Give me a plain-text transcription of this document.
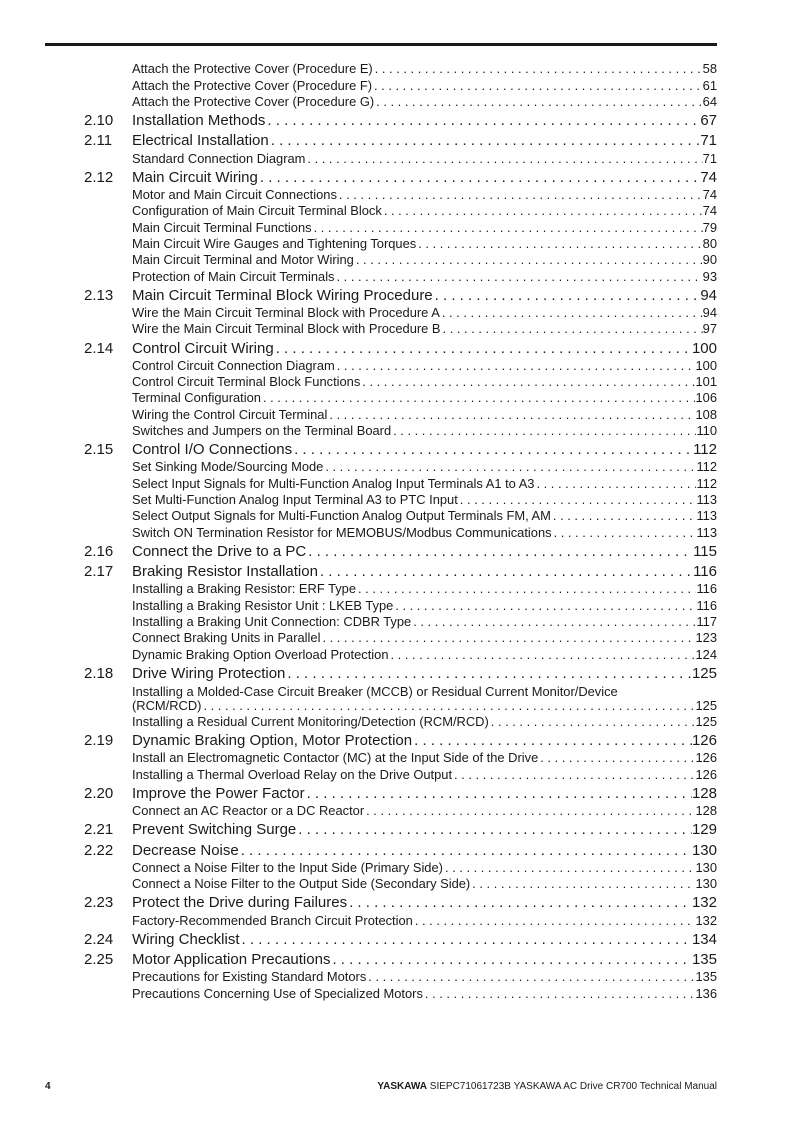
Attach the Protective Cover (Procedure E) . . .	58
Attach the Protective Cover (Procedure F) . . .	61
Attach the Protective Cover (Procedure G) . . .	64
2.10 Installation Methods . . .	67
2.11 Electrical Installation . . .	71
Standard Connection Diagram . . .	71
2.12 Main Circuit Wiring . . .	74
Motor and Main Circuit Connections . . .	74
Configuration of Main Circuit Terminal Block . . .	74
Main Circuit Terminal Functions . . .	79
Main Circuit Wire Gauges and Tightening Torques . . .	80
Main Circuit Terminal and Motor Wiring . . .	90
Protection of Main Circuit Terminals . . .	93
2.13 Main Circuit Terminal Block Wiring Procedure . . .	94
Wire the Main Circuit Terminal Block with Procedure A . . .	94
Wire the Main Circuit Terminal Block with Procedure B . . .	97
2.14 Control Circuit Wiring . . .	100
Control Circuit Connection Diagram . . .	100
Control Circuit Terminal Block Functions . . .	101
Terminal Configuration . . .	106
Wiring the Control Circuit Terminal . . .	108
Switches and Jumpers on the Terminal Board . . .	110
2.15 Control I/O Connections . . .	112
Set Sinking Mode/Sourcing Mode . . .	112
Select Input Signals for Multi-Function Analog Input Terminals A1 to A3 . . .	112
Set Multi-Function Analog Input Terminal A3 to PTC Input . . .	113
Select Output Signals for Multi-Function Analog Output Terminals FM, AM . . .	113
Switch ON Termination Resistor for MEMOBUS/Modbus Communications . . .	113
2.16 Connect the Drive to a PC . . .	115
2.17 Braking Resistor Installation . . .	116
Installing a Braking Resistor: ERF Type . . .	116
Installing a Braking Resistor Unit : LKEB Type . . .	116
Installing a Braking Unit Connection: CDBR Type . . .	117
Connect Braking Units in Parallel . . .	123
Dynamic Braking Option Overload Protection . . .	124
2.18 Drive Wiring Protection . . .	125
Installing a Molded-Case Circuit Breaker (MCCB) or Residual Current Monitor/Device
(RCM/RCD) . . .	125
Installing a Residual Current Monitoring/Detection (RCM/RCD) . . .	125
2.19 Dynamic Braking Option, Motor Protection . . .	126
Install an Electromagnetic Contactor (MC) at the Input Side of the Drive . . .	126
Installing a Thermal Overload Relay on the Drive Output . . .	126
2.20 Improve the Power Factor . . .	128
Connect an AC Reactor or a DC Reactor . . .	128
2.21 Prevent Switching Surge . . .	129
2.22 Decrease Noise . . .	130
Connect a Noise Filter to the Input Side (Primary Side) . . .	130
Connect a Noise Filter to the Output Side (Secondary Side) . . .	130
2.23 Protect the Drive during Failures . . .	132
Factory-Recommended Branch Circuit Protection . . .	132
2.24 Wiring Checklist . . .	134
2.25 Motor Application Precautions . . .	135
Precautions for Existing Standard Motors . . .	135
Precautions Concerning Use of Specialized Motors . . .	136
4	YASKAWA SIEPC71061723B YASKAWA AC Drive CR700 Technical Manual
